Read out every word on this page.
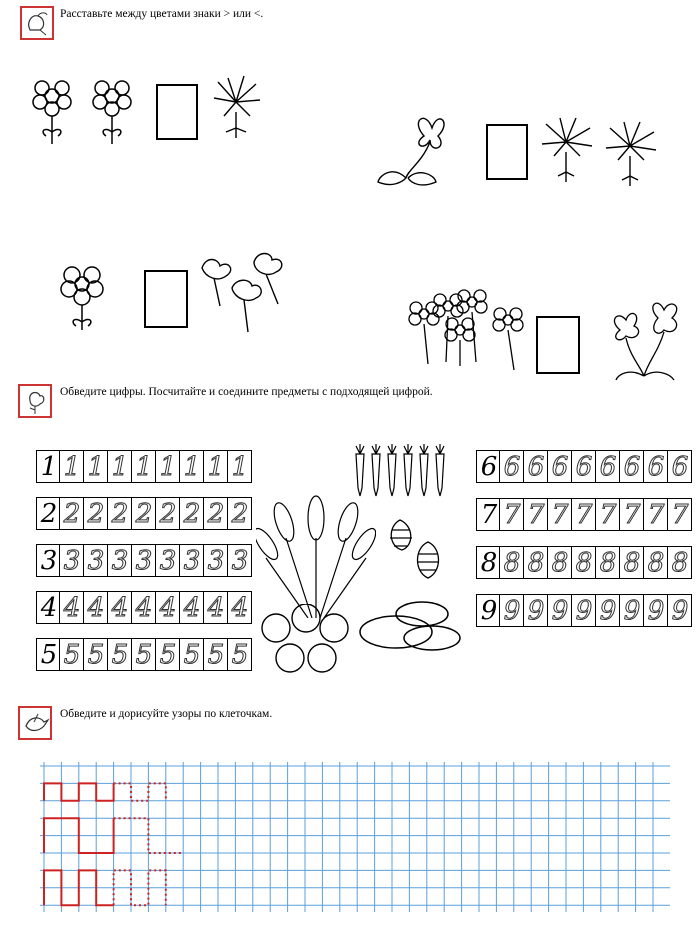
Расставьте между цветами знаки > или <.
Обведите цифры. Посчитайте и соедините предметы с подходящей цифрой.
1 1 1 1 1 1 1 1 1
2 2 2 2 2 2 2 2 2
3 3 3 3 3 3 3 3 3
4 4 4 4 4 4 4 4 4
5 5 5 5 5 5 5 5 5
6 6 6 6 6 6 6 6 6
7 7 7 7 7 7 7 7 7
8 8 8 8 8 8 8 8 8
9 9 9 9 9 9 9 9 9
Обведите и дорисуйте узоры по клеточкам.
